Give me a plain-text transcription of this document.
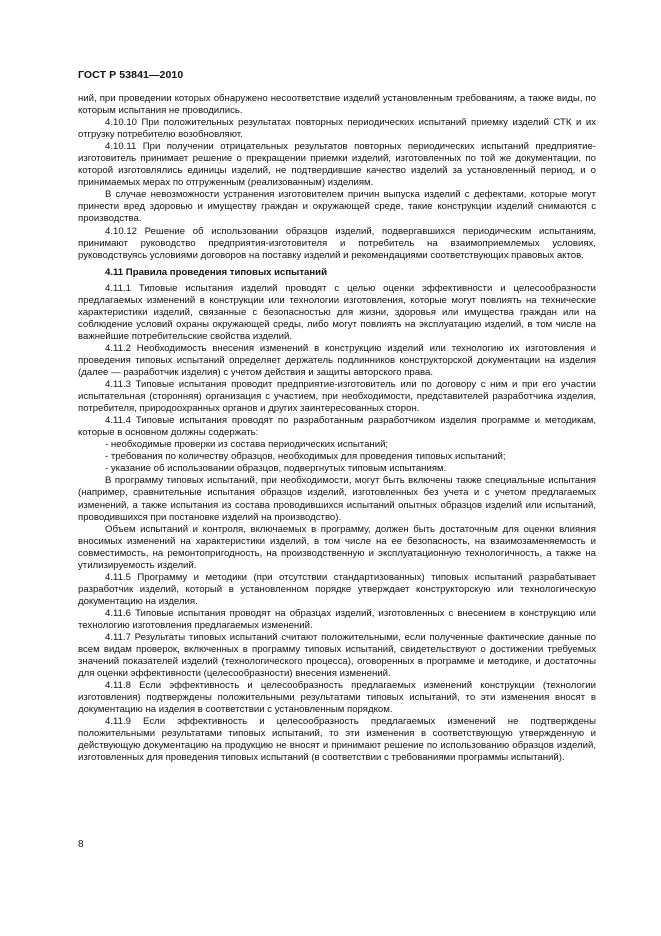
ГОСТ Р 53841—2010

ний, при проведении которых обнаружено несоответствие изделий установленным требованиям, а также виды, по которым испытания не проводились.

4.10.10 При положительных результатах повторных периодических испытаний приемку изделий СТК и их отгрузку потребителю возобновляют.

4.10.11 При получении отрицательных результатов повторных периодических испытаний предприятие-изготовитель принимает решение о прекращении приемки изделий, изготовленных по той же документации, по которой изготовлялись единицы изделий, не подтвердившие качество изделий за установленный период, и о принимаемых мерах по отгруженным (реализованным) изделиям.

В случае невозможности устранения изготовителем причин выпуска изделий с дефектами, которые могут принести вред здоровью и имуществу граждан и окружающей среде, такие конструкции изделий снимаются с производства.

4.10.12 Решение об использовании образцов изделий, подвергавшихся периодическим испытаниям, принимают руководство предприятия-изготовителя и потребитель на взаимоприемлемых условиях, руководствуясь условиями договоров на поставку изделий и рекомендациями соответствующих правовых актов.

4.11 Правила проведения типовых испытаний

4.11.1 Типовые испытания изделий проводят с целью оценки эффективности и целесообразности предлагаемых изменений в конструкции или технологии изготовления, которые могут повлиять на технические характеристики изделий, связанные с безопасностью для жизни, здоровья или имущества граждан или на соблюдение условий охраны окружающей среды, либо могут повлиять на эксплуатацию изделий, в том числе на важнейшие потребительские свойства изделий.

4.11.2 Необходимость внесения изменений в конструкцию изделий или технологию их изготовления и проведения типовых испытаний определяет держатель подлинников конструкторской документации на изделия (далее — разработчик изделия) с учетом действия и защиты авторского права.

4.11.3 Типовые испытания проводит предприятие-изготовитель или по договору с ним и при его участии испытательная (сторонняя) организация с участием, при необходимости, представителей разработчика изделия, потребителя, природоохранных органов и других заинтересованных сторон.

4.11.4 Типовые испытания проводят по разработанным разработчиком изделия программе и методикам, которые в основном должны содержать:

- необходимые проверки из состава периодических испытаний;

- требования по количеству образцов, необходимых для проведения типовых испытаний;

- указание об использовании образцов, подвергнутых типовым испытаниям.

В программу типовых испытаний, при необходимости, могут быть включены также специальные испытания (например, сравнительные испытания образцов изделий, изготовленных без учета и с учетом предлагаемых изменений, а также испытания из состава проводившихся испытаний опытных образцов изделий или испытаний, проводившихся при постановке изделий на производство).

Объем испытаний и контроля, включаемых в программу, должен быть достаточным для оценки влияния вносимых изменений на характеристики изделий, в том числе на ее безопасность, на взаимозаменяемость и совместимость, на ремонтопригодность, на производственную и эксплуатационную технологичность, а также на утилизируемость изделий.

4.11.5 Программу и методики (при отсутствии стандартизованных) типовых испытаний разрабатывает разработчик изделий, который в установленном порядке утверждает конструкторскую или технологическую документацию на изделия.

4.11.6 Типовые испытания проводят на образцах изделий, изготовленных с внесением в конструкцию или технологию изготовления предлагаемых изменений.

4.11.7 Результаты типовых испытаний считают положительными, если полученные фактические данные по всем видам проверок, включенных в программу типовых испытаний, свидетельствуют о достижении требуемых значений показателей изделий (технологического процесса), оговоренных в программе и методике, и достаточны для оценки эффективности (целесообразности) внесения изменений.

4.11.8 Если эффективность и целесообразность предлагаемых изменений конструкции (технологии изготовления) подтверждены положительными результатами типовых испытаний, то эти изменения вносят в документацию на изделия в соответствии с установленным порядком.

4.11.9 Если эффективность и целесообразность предлагаемых изменений не подтверждены положительными результатами типовых испытаний, то эти изменения в соответствующую утвержденную и действующую документацию на продукцию не вносят и принимают решение по использованию образцов изделий, изготовленных для проведения типовых испытаний (в соответствии с требованиями программы испытаний).

8
